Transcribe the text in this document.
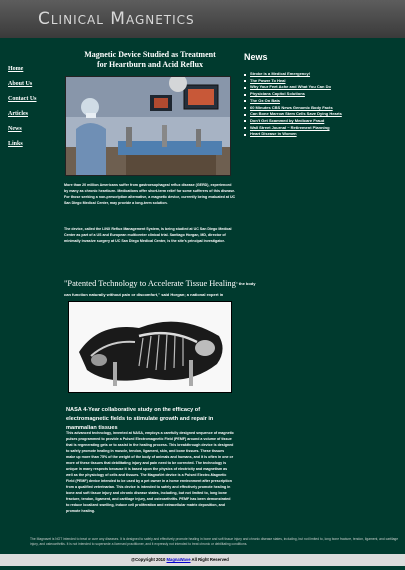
Clinical Magnetics
Home
About Us
Contact Us
Articles
News
Links
Magnetic Device Studied as Treatment
for Heartburn and Acid Reflux
More than 20 million Americans suffer from gastroesophageal reflux disease (GERD), experienced by many as chronic heartburn. Medications offer short-term relief for some sufferers of this disease. For those seeking a non-prescription alternative, a magnetic device, currently being evaluated at UC San Diego Medical Center, may provide a long-term solution.
The device, called the LINX Reflux Management System, is being studied at UC San Diego Medical Center as part of a US and European multicenter clinical trial. Santiago Horgan, MD, director of minimally invasive surgery at UC San Diego Medical Center, is the site's principal investigator.
"Patented Technology to Accelerate Tissue Healing$^{" the body}$
can function naturally without pain or discomfort," said Horgan; a national expert in
NASA 4-Year collaborative study on the efficacy of electromagnetic fields to stimulate growth and repair in mammalian tissues
This advanced technology, invented at NASA, employs a carefully designed sequence of magnetic pulses programmed to provide a Pulsed Electromagnetic Field (PEMF) around a volume of tissue that is regenerating gets or to assist in the healing process. This breakthrough device is designed to safely promote healing in muscle, tendon, ligament, skin, and bone tissues. These tissues make up more than 75% of the weight of the body of animals and humans, and it is often in one or more of these tissues that debilitating injury and pain need to be corrected. The technology is unique in many respects because it is based upon the physics of electricity and magnetism as well as the physiology of cells and tissues. The MagnaVet device is a Pulsed Electro-Magnetic Field (PEMF) device intended to be used by a pet owner in a home environment after prescription from a qualified veterinarian. This device is intended to safely and effectively promote healing in bone and soft tissue injury and chronic disease states, including, but not limited to, long bone fracture, tendon, ligament, and cartilage injury, and osteoarthritis. PEMF has been demonstrated to reduce localized swelling, induce cell proliferation and extracellular matrix deposition, and promote healing.
News
Stroke is a Medical Emergency!
The Power To Heal
Why Your Feet Ache and What You Can Do
Physicians Capitol Solutions
The Ox On Bats
60 Minutes CBS News Genomic Body Facts
Can Bone Marrow Stem Cells Save Dying Hearts
Don't Get Scammed by Medicare Fraud
Wall Street Journal ~ Retirement Planning
Heart Disease in Women
The Magnavet is NOT intended to treat or cure any diseases. It is designed to safely and effectively promote healing in bone and soft tissue injury and chronic disease states, including, but not limited to, long bone fracture, tendon, ligament, and cartilage injury, and osteoarthritis. It is not intended to supersede a licensed practitioner, and it expressly not intended to treat chronic or debilitating conditions.
@Copyright 2010 MagnaWave All Right Reserved
